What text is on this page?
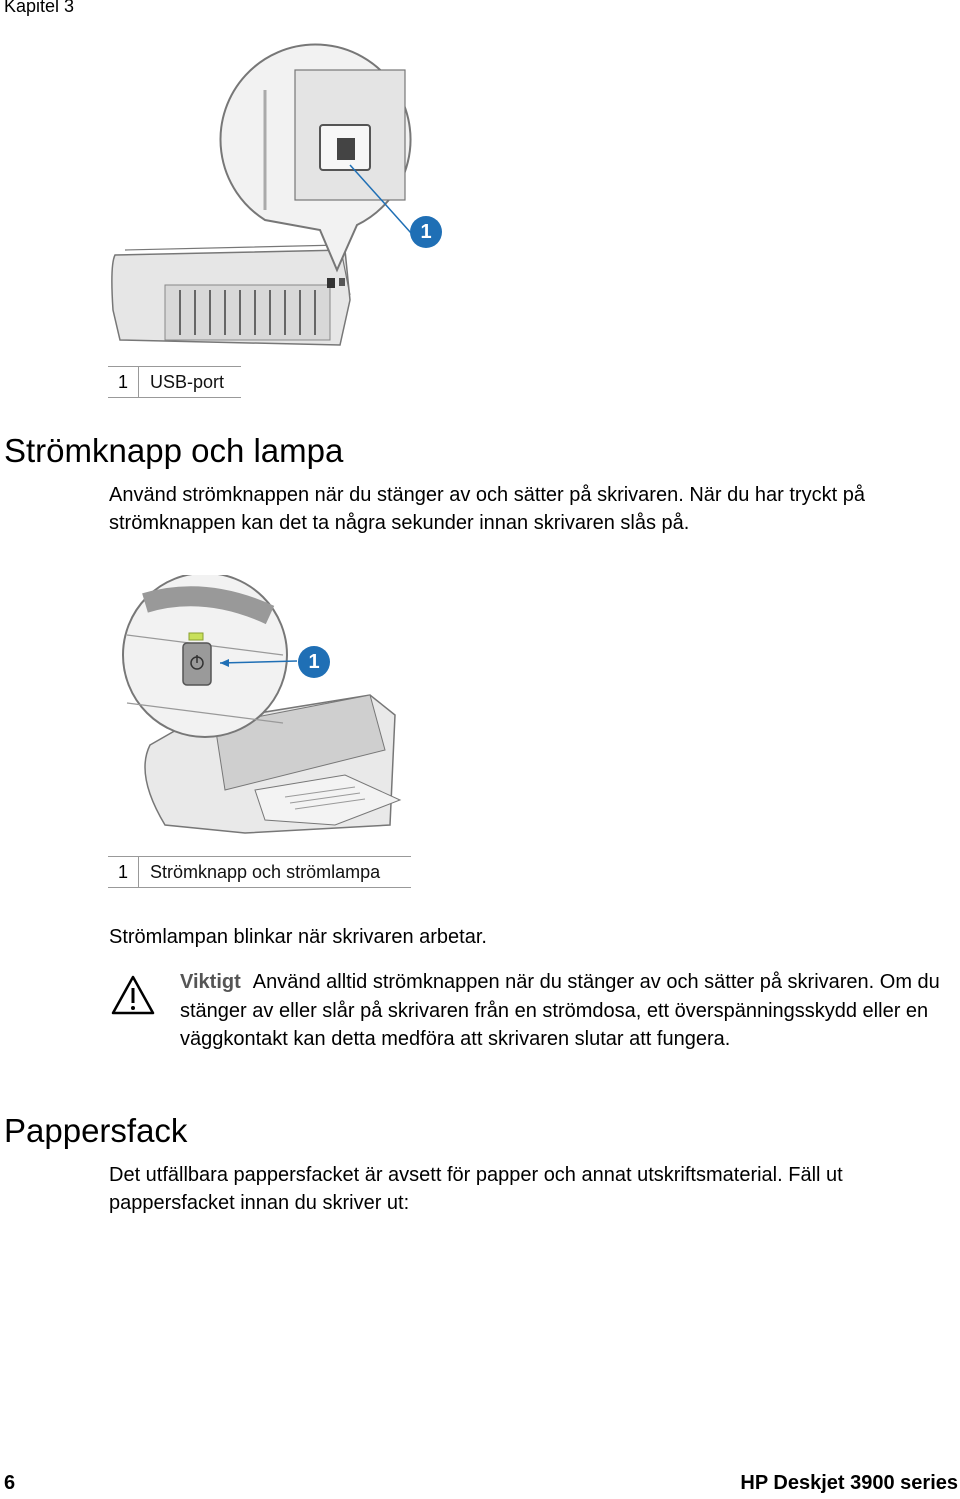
Kapitel 3
1
1	USB-port
Strömknapp och lampa
Använd strömknappen när du stänger av och sätter på skrivaren. När du har tryckt på strömknappen kan det ta några sekunder innan skrivaren slås på.
1
1	Strömknapp och strömlampa
Strömlampan blinkar när skrivaren arbetar.
Viktigt Använd alltid strömknappen när du stänger av och sätter på skrivaren. Om du stänger av eller slår på skrivaren från en strömdosa, ett överspänningsskydd eller en väggkontakt kan detta medföra att skrivaren slutar att fungera.
Pappersfack
Det utfällbara pappersfacket är avsett för papper och annat utskriftsmaterial. Fäll ut pappersfacket innan du skriver ut:
6	HP Deskjet 3900 series
